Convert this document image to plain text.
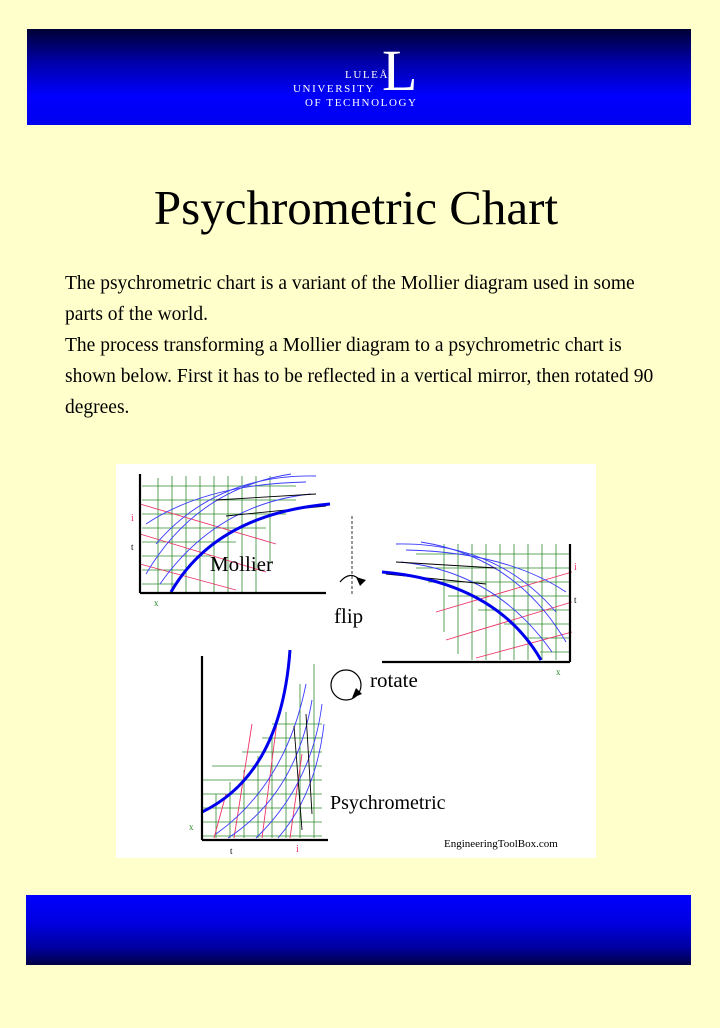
L
LULEÅ
UNIVERSITY
OF TECHNOLOGY
Psychrometric Chart

The psychrometric chart is a variant of the Mollier diagram used in some parts of the world.

The process transforming a Mollier diagram to a psychrometric chart is shown below. First it has to be reflected in a vertical mirror, then rotated 90 degrees.

i
t
x
Mollier
flip
i
t
x
rotate
x
t	i
Psychrometric
EngineeringToolBox.com
